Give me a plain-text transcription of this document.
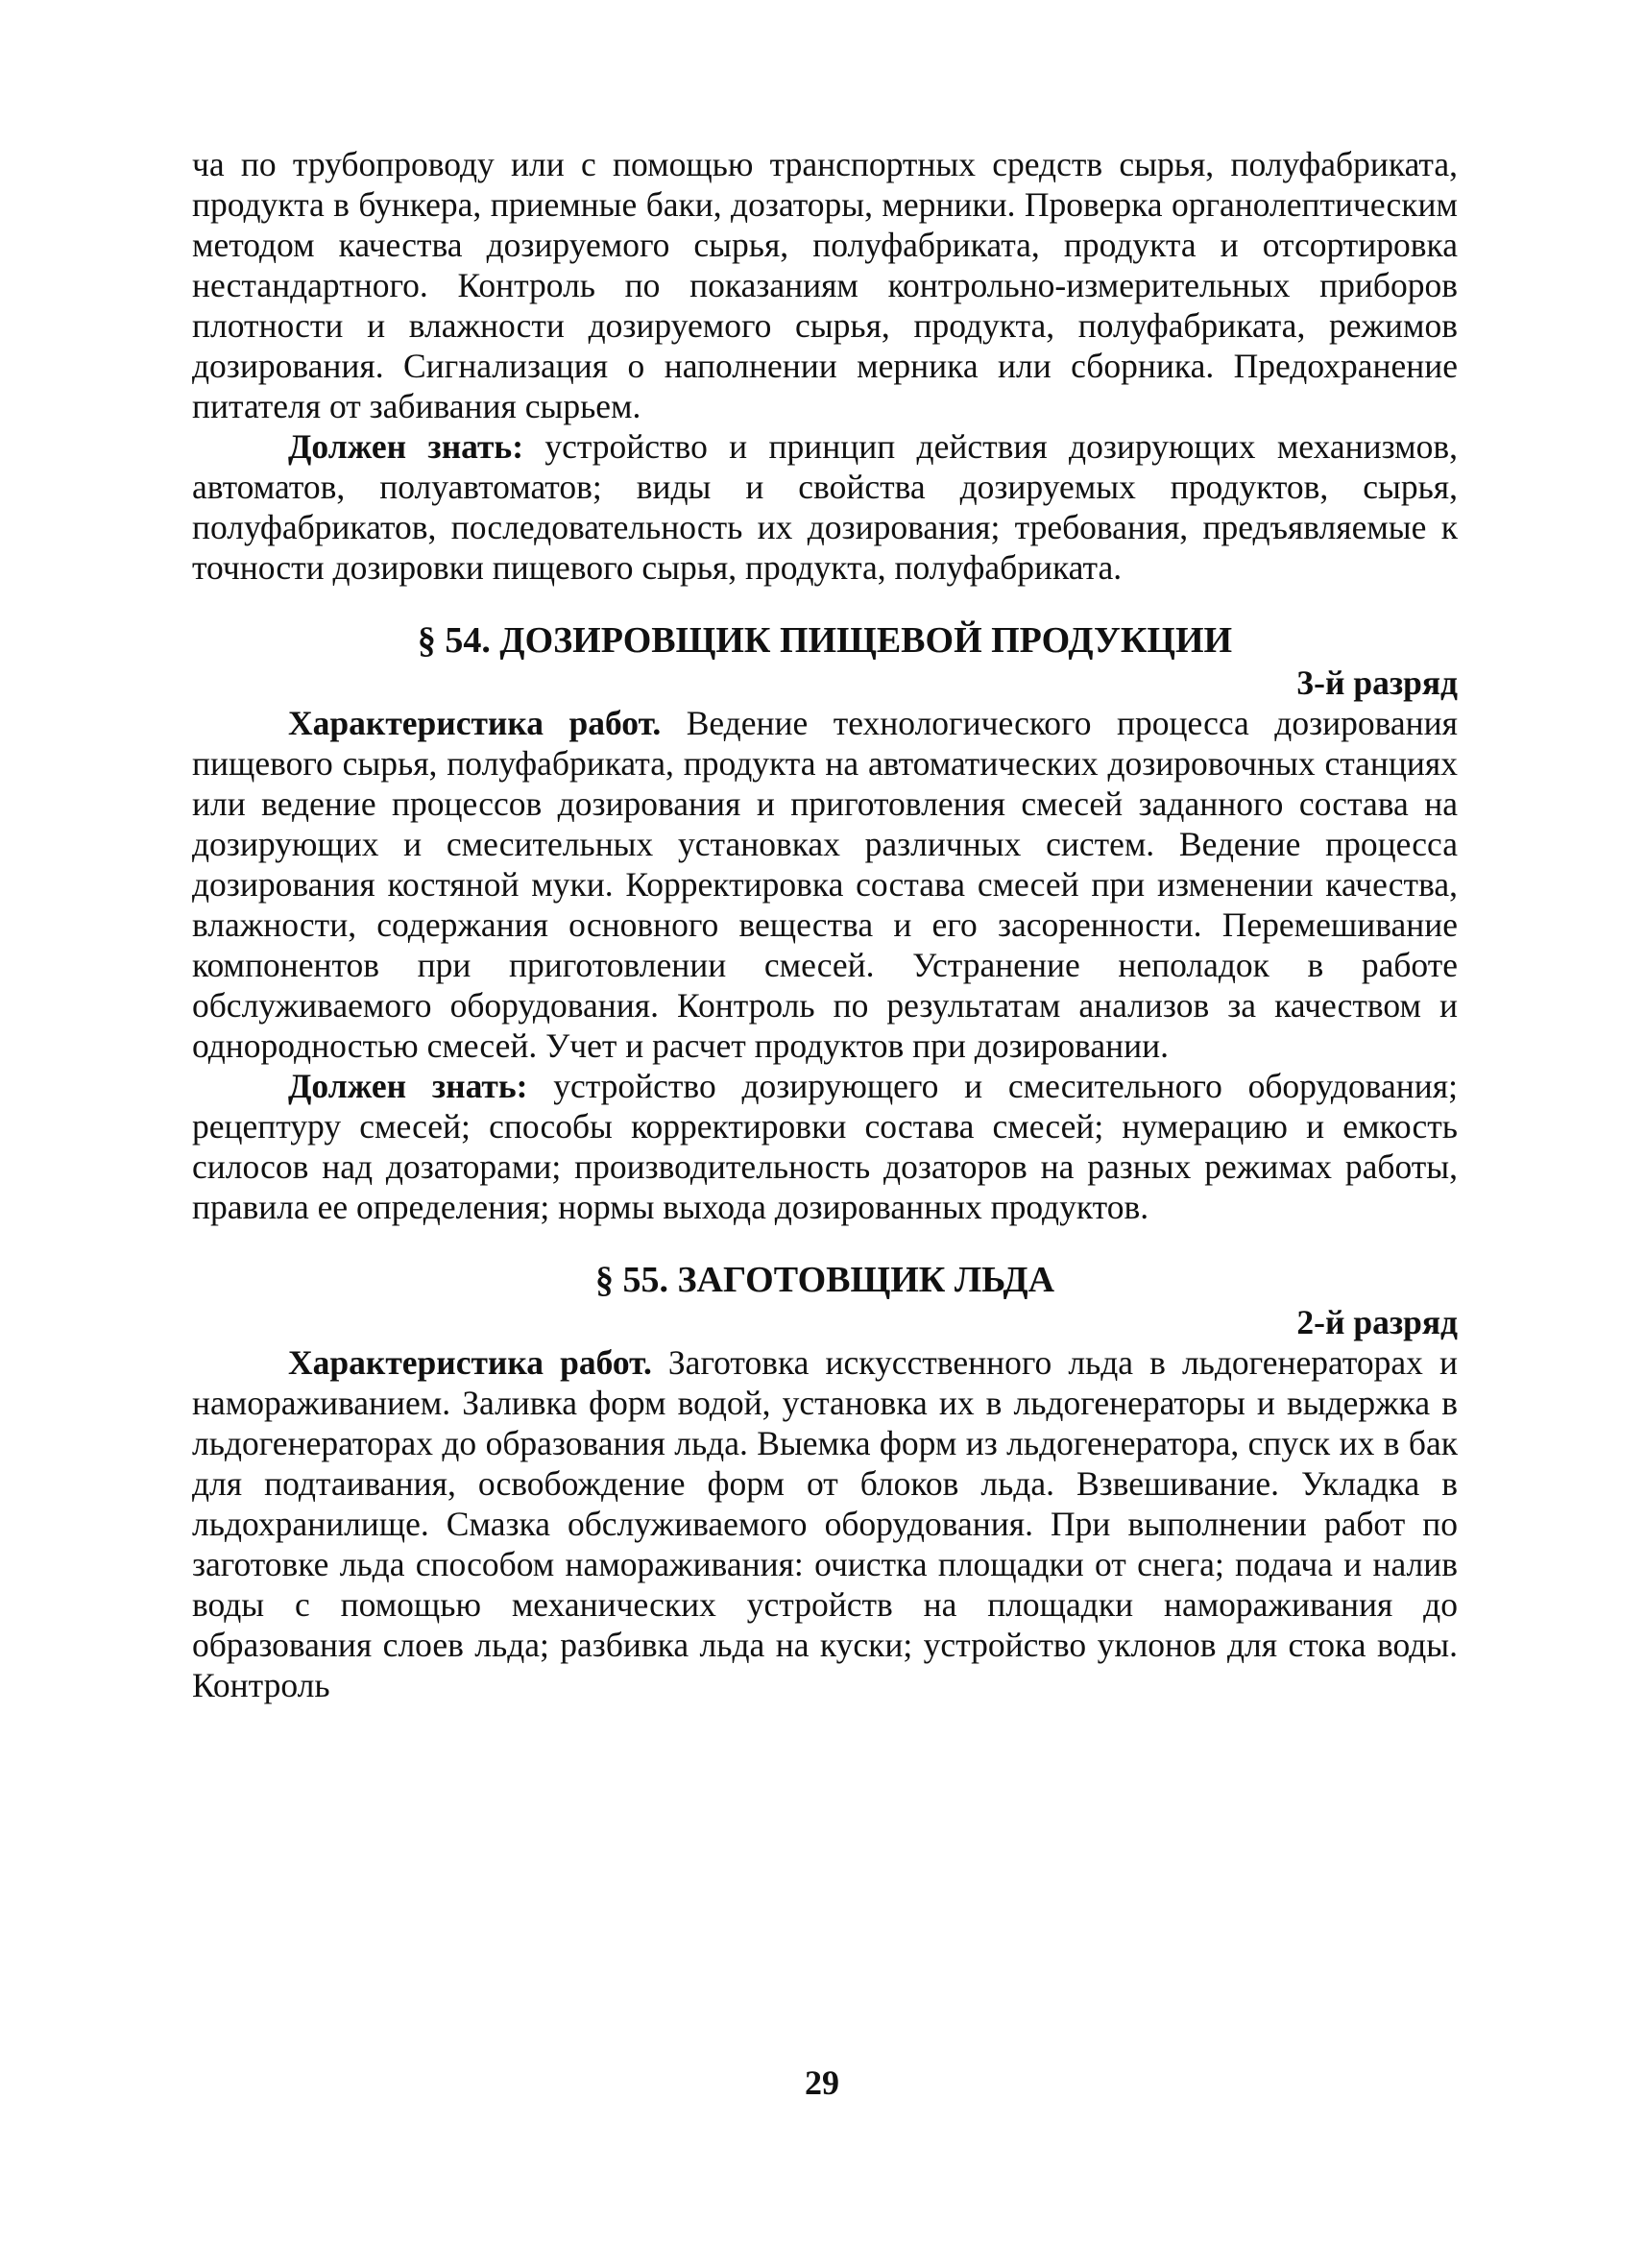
ча по трубопроводу или с помощью транспортных средств сырья, полуфабриката, продукта в бункера, приемные баки, дозаторы, мерники. Проверка органолептическим методом качества дозируемого сырья, полуфабриката, продукта и отсортировка нестандартного. Контроль по показаниям контрольно-измерительных приборов плотности и влажности дозируемого сырья, продукта, полуфабриката, режимов дозирования. Сигнализация о наполнении мерника или сборника. Предохранение питателя от забивания сырьем.

Должен знать: устройство и принцип действия дозирующих механизмов, автоматов, полуавтоматов; виды и свойства дозируемых продуктов, сырья, полуфабрикатов, последовательность их дозирования; требования, предъявляемые к точности дозировки пищевого сырья, продукта, полуфабриката.

§ 54. ДОЗИРОВЩИК ПИЩЕВОЙ ПРОДУКЦИИ

3-й разряд

Характеристика работ. Ведение технологического процесса дозирования пищевого сырья, полуфабриката, продукта на автоматических дозировочных станциях или ведение процессов дозирования и приготовления смесей заданного состава на дозирующих и смесительных установках различных систем. Ведение процесса дозирования костяной муки. Корректировка состава смесей при изменении качества, влажности, содержания основного вещества и его засоренности. Перемешивание компонентов при приготовлении смесей. Устранение неполадок в работе обслуживаемого оборудования. Контроль по результатам анализов за качеством и однородностью смесей. Учет и расчет продуктов при дозировании.

Должен знать: устройство дозирующего и смесительного оборудования; рецептуру смесей; способы корректировки состава смесей; нумерацию и емкость силосов над дозаторами; производительность дозаторов на разных режимах работы, правила ее определения; нормы выхода дозированных продуктов.

§ 55. ЗАГОТОВЩИК ЛЬДА

2-й разряд

Характеристика работ. Заготовка искусственного льда в льдогенераторах и намораживанием. Заливка форм водой, установка их в льдогенераторы и выдержка в льдогенераторах до образования льда. Выемка форм из льдогенератора, спуск их в бак для подтаивания, освобождение форм от блоков льда. Взвешивание. Укладка в льдохранилище. Смазка обслуживаемого оборудования. При выполнении работ по заготовке льда способом намораживания: очистка площадки от снега; подача и налив воды с помощью механических устройств на площадки намораживания до образования слоев льда; разбивка льда на куски; устройство уклонов для стока воды. Контроль

29
